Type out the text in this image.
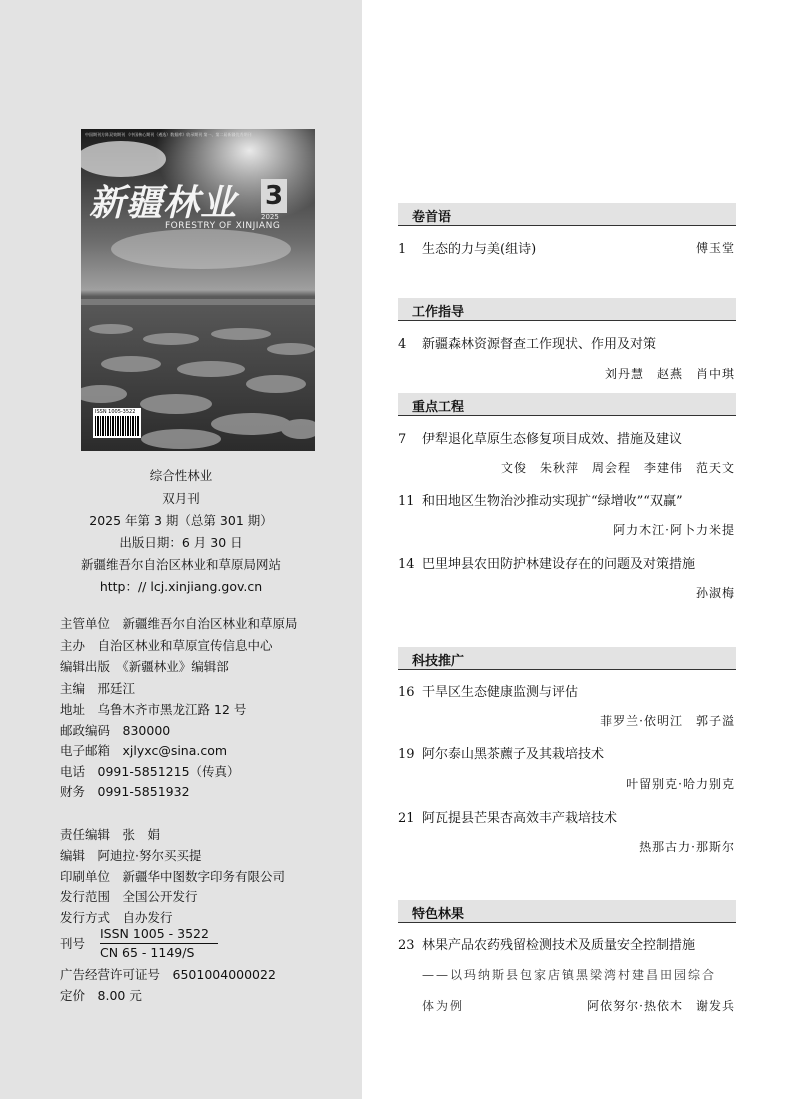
中国期刊方阵双效期刊 《中国核心期刊（遴选）数据库》收录期刊 第一、第二届新疆优秀期刊
新疆林业 3
2025
FORESTRY OF XINJIANG
ISSN 1005-3522
综合性林业
双月刊
2025 年第 3 期（总第 301 期）
出版日期：6 月 30 日
新疆维吾尔自治区林业和草原局网站
http：// lcj.xinjiang.gov.cn
主管单位　 新疆维吾尔自治区林业和草原局
主办　 自治区林业和草原宣传信息中心
编辑出版　 《新疆林业》编辑部
主编　 邢廷江
地址　 乌鲁木齐市黑龙江路 12 号
邮政编码　 830000
电子邮箱　 xjlyxc@sina.com
电话　 0991-5851215（传真）
财务　 0991-5851932
责任编辑　 张　娟
编辑　 阿迪拉·努尔买买提
印刷单位　 新疆华中图数字印务有限公司
发行范围　 全国公开发行
发行方式　 自办发行
刊号
ISSN 1005 - 3522
CN 65 - 1149/S
广告经营许可证号　 6501004000022
定价　 8.00 元
卷首语
1 生态的力与美(组诗)	傅玉堂
工作指导
4 新疆森林资源督查工作现状、作用及对策
刘丹慧　赵燕　肖中琪
重点工程
7 伊犁退化草原生态修复项目成效、措施及建议
文俊　朱秋萍　周会程　李建伟　范天文
11 和田地区生物治沙推动实现扩“绿增收”“双赢”
阿力木江·阿卜力米提
14 巴里坤县农田防护林建设存在的问题及对策措施
孙淑梅
科技推广
16 干旱区生态健康监测与评估
菲罗兰·依明江　郭子溢
19 阿尔泰山黑茶藨子及其栽培技术
叶留别克·哈力别克
21 阿瓦提县芒果杏高效丰产栽培技术
热那古力·那斯尔
特色林果
23 林果产品农药残留检测技术及质量安全控制措施
——以玛纳斯县包家店镇黑梁湾村建昌田园综合
体为例	阿依努尔·热依木　谢发兵
